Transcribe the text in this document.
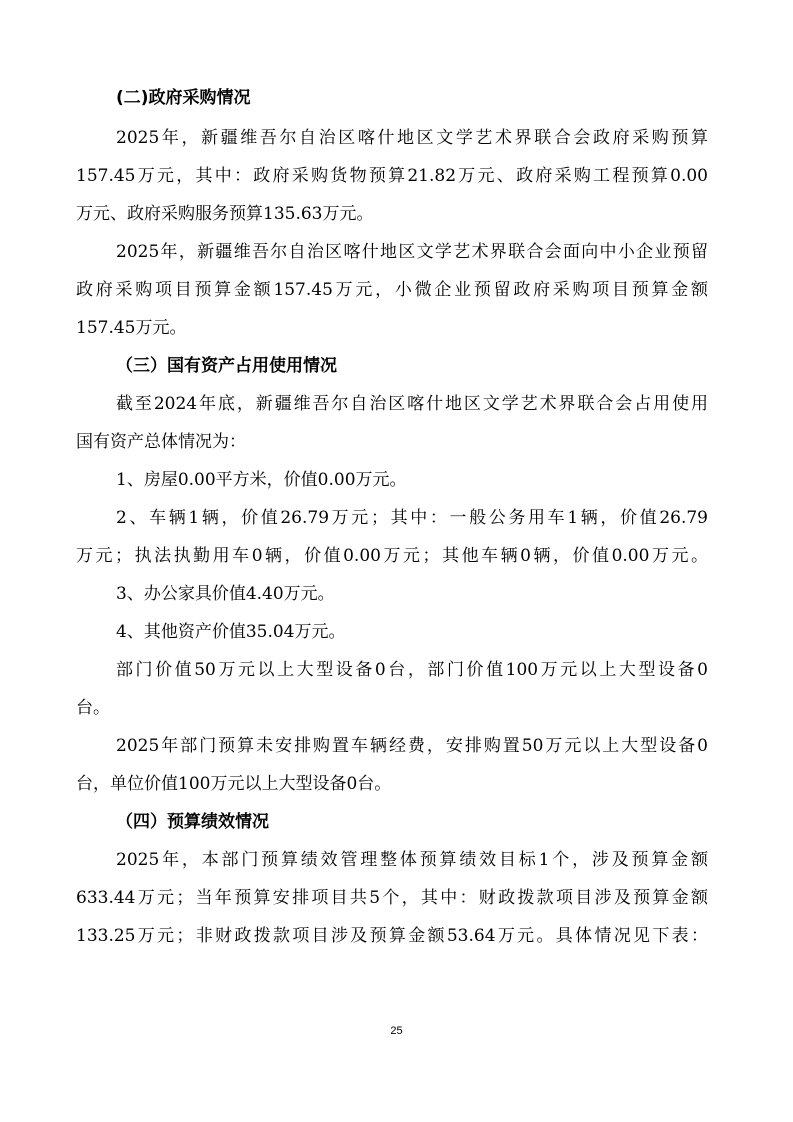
(二)政府采购情况
2025年，新疆维吾尔自治区喀什地区文学艺术界联合会政府采购预算
157.45万元，其中：政府采购货物预算21.82万元、政府采购工程预算0.00
万元、政府采购服务预算135.63万元。
2025年，新疆维吾尔自治区喀什地区文学艺术界联合会面向中小企业预留
政府采购项目预算金额157.45万元，小微企业预留政府采购项目预算金额
157.45万元。
（三）国有资产占用使用情况
截至2024年底，新疆维吾尔自治区喀什地区文学艺术界联合会占用使用
国有资产总体情况为：
1、房屋0.00平方米，价值0.00万元。
2、车辆1辆，价值26.79万元；其中：一般公务用车1辆，价值26.79
万元；执法执勤用车0辆，价值0.00万元；其他车辆0辆，价值0.00万元。
3、办公家具价值4.40万元。
4、其他资产价值35.04万元。
部门价值50万元以上大型设备0台，部门价值100万元以上大型设备0
台。
2025年部门预算未安排购置车辆经费，安排购置50万元以上大型设备0
台，单位价值100万元以上大型设备0台。
（四）预算绩效情况
2025年，本部门预算绩效管理整体预算绩效目标1个，涉及预算金额
633.44万元；当年预算安排项目共5个，其中：财政拨款项目涉及预算金额
133.25万元；非财政拨款项目涉及预算金额53.64万元。具体情况见下表：
25
